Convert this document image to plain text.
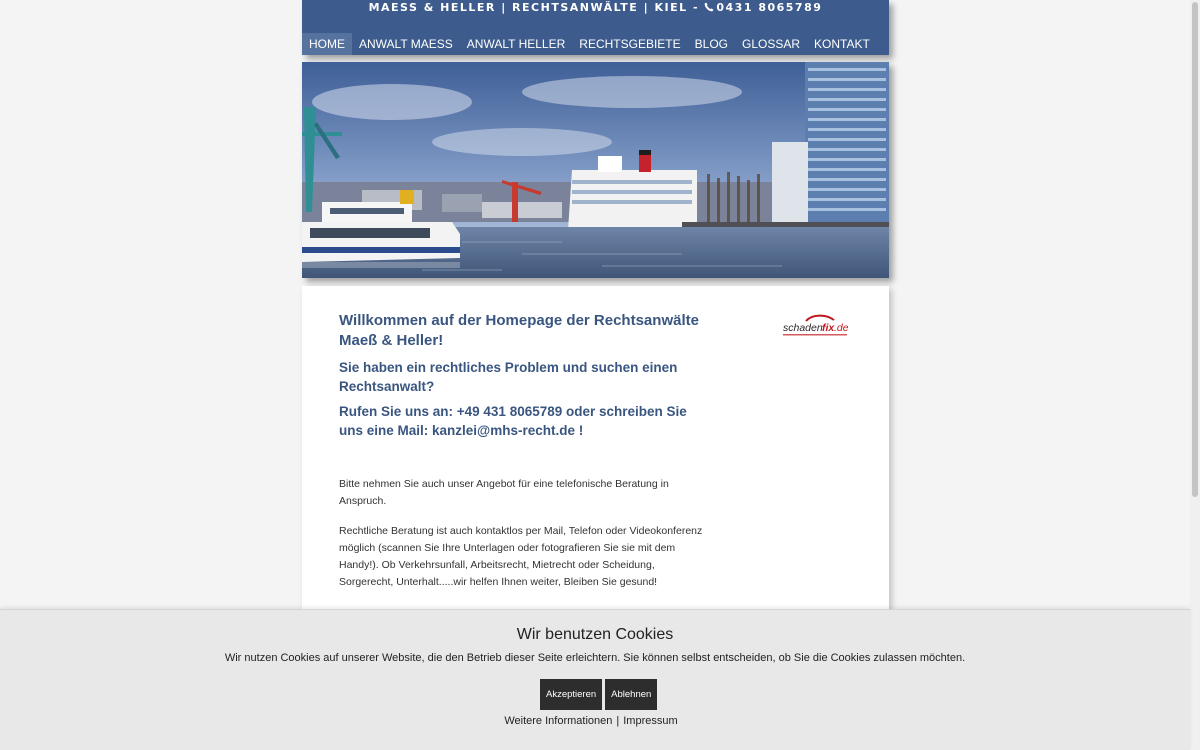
MAESS & HELLER | RECHTSANWÄLTE | KIEL - 0431 8065789
HOME	ANWALT MAESS	ANWALT HELLER	RECHTSGEBIETE	BLOG	GLOSSAR	KONTAKT
Willkommen auf der Homepage der Rechtsanwälte Maeß & Heller!
Sie haben ein rechtliches Problem und suchen einen Rechtsanwalt?
Rufen Sie uns an: +49 431 8065789 oder schreiben Sie uns eine Mail: kanzlei@mhs-recht.de !

Bitte nehmen Sie auch unser Angebot für eine telefonische Beratung in Anspruch.

Rechtliche Beratung ist auch kontaktlos per Mail, Telefon oder Videokonferenz möglich (scannen Sie Ihre Unterlagen oder fotografieren Sie sie mit dem Handy!). Ob Verkehrsunfall, Arbeitsrecht, Mietrecht oder Scheidung, Sorgerecht, Unterhalt.....wir helfen Ihnen weiter, Bleiben Sie gesund!

schaden fix .de
Wir benutzen Cookies
Wir nutzen Cookies auf unserer Website, die den Betrieb dieser Seite erleichtern. Sie können selbst entscheiden, ob Sie die Cookies zulassen möchten.
Akzeptieren	Ablehnen
Weitere Informationen | Impressum
